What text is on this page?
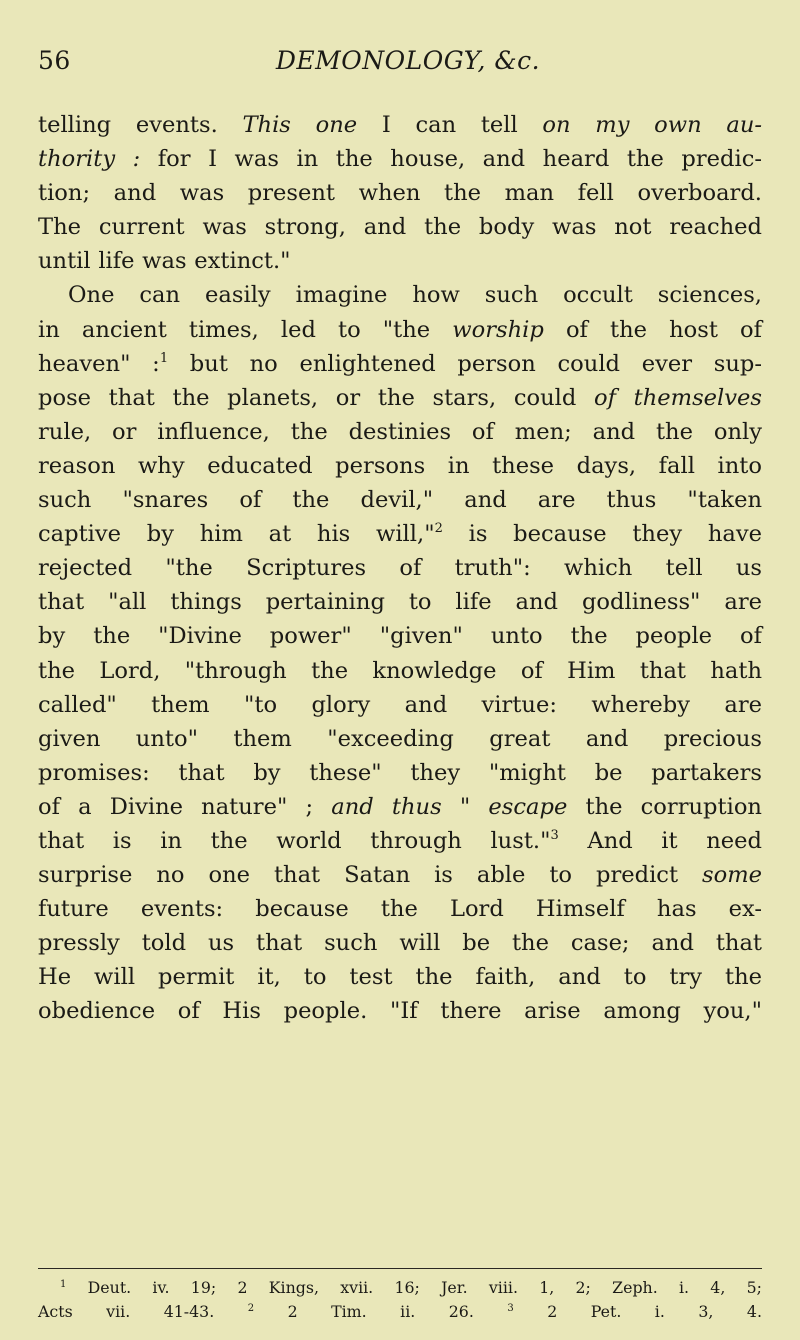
56	DEMONOLOGY, &c.
telling events. This one I can tell on my own au-
thority : for I was in the house, and heard the predic-
tion; and was present when the man fell overboard.
The current was strong, and the body was not reached
until life was extinct."
One can easily imagine how such occult sciences,
in ancient times, led to "the worship of the host of
heaven" :$^1$ but no enlightened person could ever sup-
pose that the planets, or the stars, could of themselves
rule, or influence, the destinies of men; and the only
reason why educated persons in these days, fall into
such "snares of the devil," and are thus "taken
captive by him at his will,"$^2$ is because they have
rejected "the Scriptures of truth": which tell us
that "all things pertaining to life and godliness" are
by the "Divine power" "given" unto the people of
the Lord, "through the knowledge of Him that hath
called" them "to glory and virtue: whereby are
given unto" them "exceeding great and precious
promises: that by these" they "might be partakers
of a Divine nature" ; and thus " escape the corruption
that is in the world through lust."$^3$ And it need
surprise no one that Satan is able to predict some
future events: because the Lord Himself has ex-
pressly told us that such will be the case; and that
He will permit it, to test the faith, and to try the
obedience of His people. "If there arise among you,"
$^1$ Deut. iv. 19; 2 Kings, xvii. 16; Jer. viii. 1, 2; Zeph. i. 4, 5;
Acts vii. 41-43.	$^2$ 2 Tim. ii. 26.	$^3$ 2 Pet. i. 3, 4.
